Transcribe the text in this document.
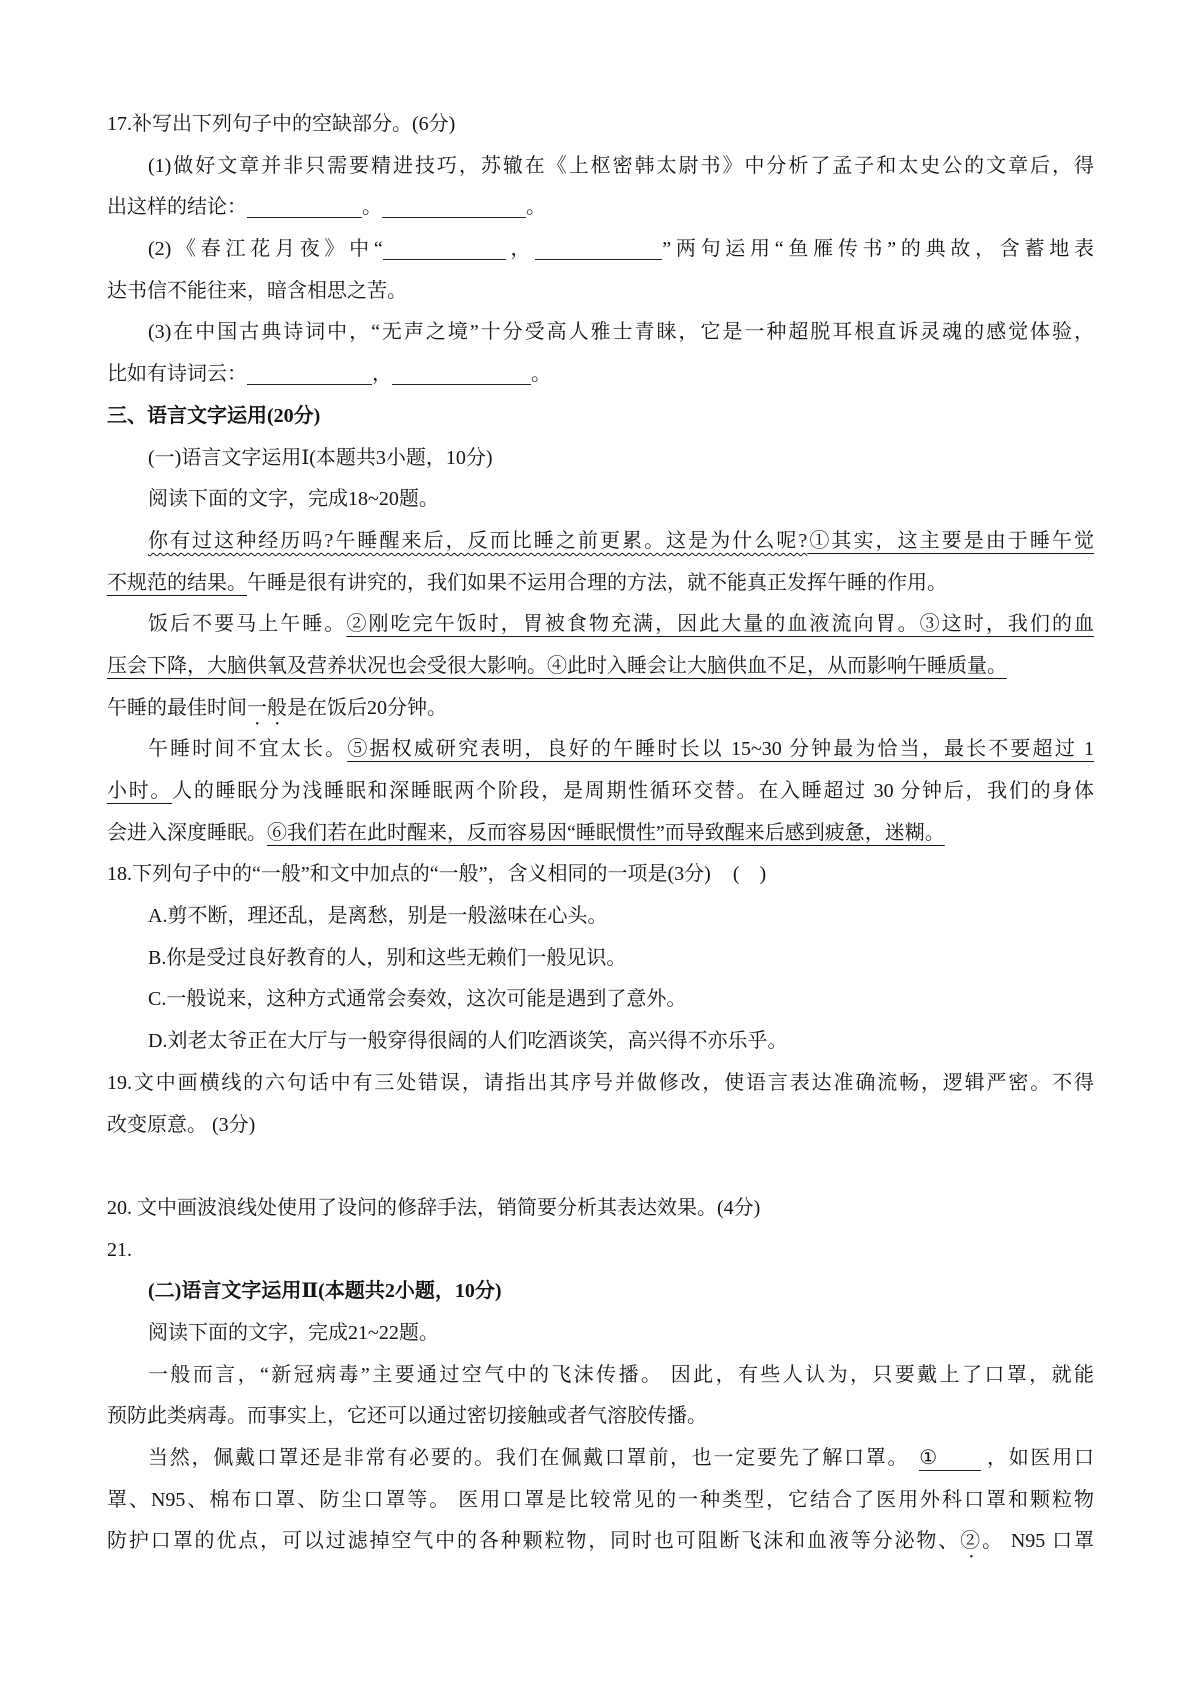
17.补写出下列句子中的空缺部分。(6分)
(1)做好文章并非只需要精进技巧，苏辙在《上枢密韩太尉书》中分析了孟子和太史公的文章后，得
出这样的结论：	。	。
(2)《春江花月夜》中“	，	”两句运用“鱼雁传书”的典故，含蓄地表
达书信不能往来，暗含相思之苦。
(3)在中国古典诗词中，“无声之境”十分受高人雅士青睐，它是一种超脱耳根直诉灵魂的感觉体验，
比如有诗词云：	，	。
三、语言文字运用(20分)
(一)语言文字运用Ⅰ(本题共3小题，10分)
阅读下面的文字，完成18~20题。
你有过这种经历吗?午睡醒来后，反而比睡之前更累。这是为什么呢?①其实，这主要是由于睡午觉
不规范的结果。午睡是很有讲究的，我们如果不运用合理的方法，就不能真正发挥午睡的作用。
饭后不要马上午睡。②刚吃完午饭时，胃被食物充满，因此大量的血液流向胃。③这时，我们的血
压会下降，大脑供氧及营养状况也会受很大影响。④此时入睡会让大脑供血不足，从而影响午睡质量。
午睡的最佳时间一般是在饭后20分钟。
午睡时间不宜太长。⑤据权威研究表明，良好的午睡时长以 15~30 分钟最为恰当，最长不要超过 1
小时。人的睡眠分为浅睡眠和深睡眠两个阶段，是周期性循环交替。在入睡超过 30 分钟后，我们的身体
会进入深度睡眠。⑥我们若在此时醒来，反而容易因“睡眠惯性”而导致醒来后感到疲惫，迷糊。
18.下列句子中的“一般”和文中加点的“一般”，含义相同的一项是(3分) (    )
A.剪不断，理还乱，是离愁，别是一般滋味在心头。
B.你是受过良好教育的人，别和这些无赖们一般见识。
C.一般说来，这种方式通常会奏效，这次可能是遇到了意外。
D.刘老太爷正在大厅与一般穿得很阔的人们吃酒谈笑，高兴得不亦乐乎。
19.文中画横线的六句话中有三处错误，请指出其序号并做修改，使语言表达准确流畅，逻辑严密。不得
改变原意。 (3分)
20. 文中画波浪线处使用了设问的修辞手法，销简要分析其表达效果。(4分)
21.
(二)语言文字运用Ⅱ(本题共2小题，10分)
阅读下面的文字，完成21~22题。
一般而言，“新冠病毒”主要通过空气中的飞沫传播。 因此，有些人认为，只要戴上了口罩，就能
预防此类病毒。而事实上，它还可以通过密切接触或者气溶胶传播。
当然，佩戴口罩还是非常有必要的。我们在佩戴口罩前，也一定要先了解口罩。 ① ，如医用口
罩、N95、棉布口罩、防尘口罩等。 医用口罩是比较常见的一种类型，它结合了医用外科口罩和颗粒物
防护口罩的优点，可以过滤掉空气中的各种颗粒物，同时也可阻断飞沫和血液等分泌物、②。 N95 口罩
